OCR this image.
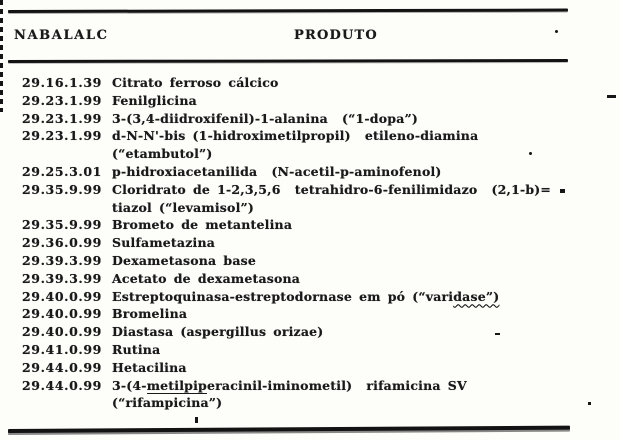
NABALALC	PRODUTO
29.16.1.39 Citrato ferroso cálcico
29.23.1.99 Fenilglicina
29.23.1.99 3-(3,4-diidroxifenil)-1-alanina  (“1-dopa”)
29.23.1.99 d-N-N'-bis (1-hidroximetilpropil)  etileno-diamina
(“etambutol”)
29.25.3.01 p-hidroxiacetanilida  (N-acetil-p-aminofenol)
29.35.9.99 Cloridrato de 1-2,3,5,6  tetrahidro-6-fenilimidazo  (2,1-b)=
tiazol (“levamisol”)
29.35.9.99 Brometo de metantelina
29.36.0.99 Sulfametazina
29.39.3.99 Dexametasona base
29.39.3.99 Acetato de dexametasona
29.40.0.99 Estreptoquinasa-estreptodornase em pó (“varidase”)
29.40.0.99 Bromelina
29.40.0.99 Diastasa (aspergillus orizae)
29.41.0.99 Rutina
29.44.0.99 Hetacilina
29.44.0.99 3-(4-metilpiperacinil-iminometil)  rifamicina SV
(“rifampicina”)
